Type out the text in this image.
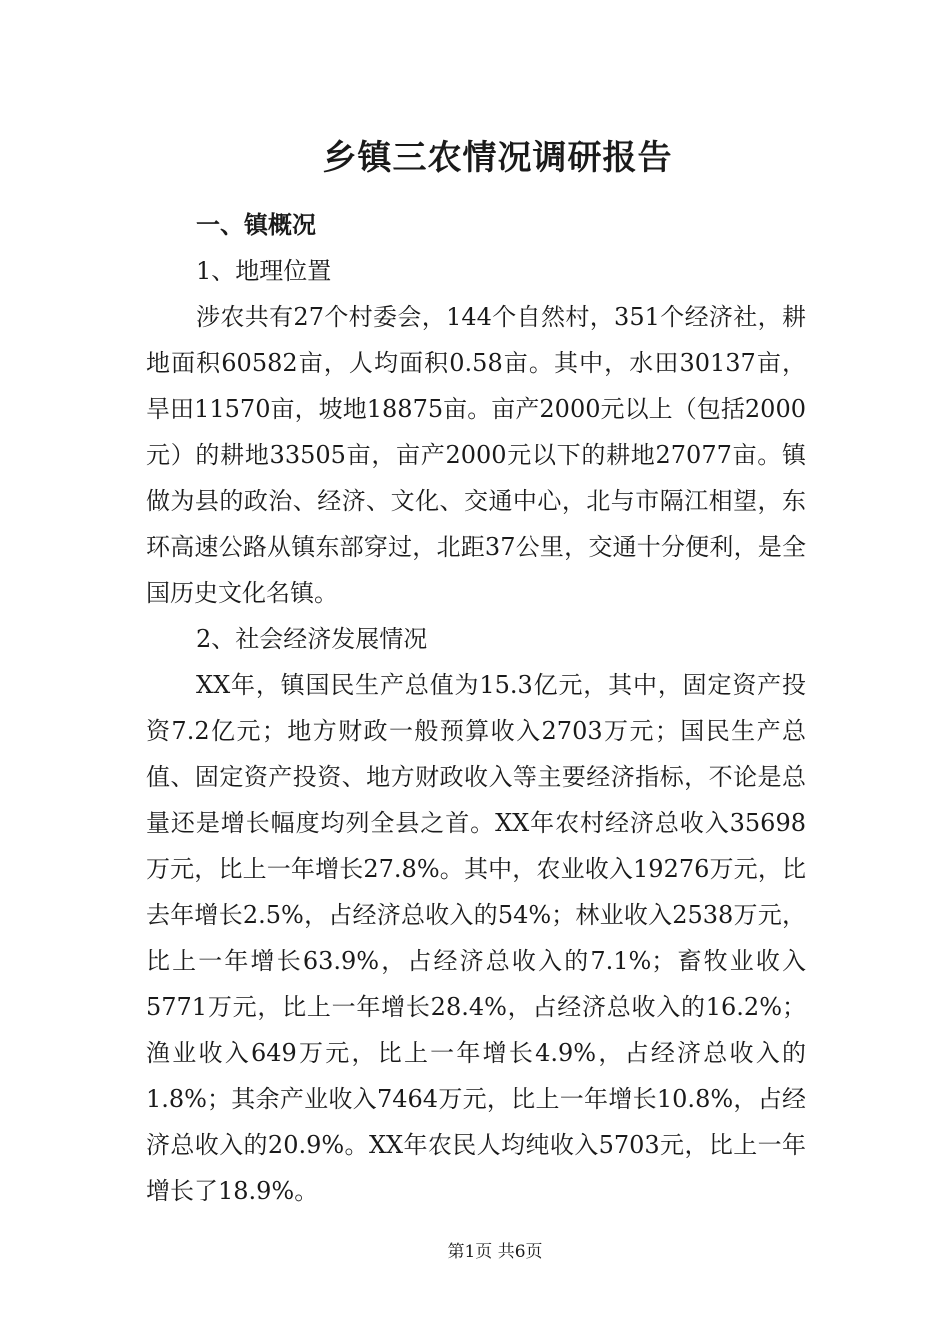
乡镇三农情况调研报告

一、镇概况

1、地理位置

涉农共有27个村委会，144个自然村，351个经济社，耕地面积60582亩，人均面积0.58亩。其中，水田30137亩，旱田11570亩，坡地18875亩。亩产2000元以上（包括2000元）的耕地33505亩，亩产2000元以下的耕地27077亩。镇做为县的政治、经济、文化、交通中心，北与市隔江相望，东环高速公路从镇东部穿过，北距37公里，交通十分便利，是全国历史文化名镇。

2、社会经济发展情况

XX年，镇国民生产总值为15.3亿元，其中，固定资产投资7.2亿元；地方财政一般预算收入2703万元；国民生产总值、固定资产投资、地方财政收入等主要经济指标，不论是总量还是增长幅度均列全县之首。XX年农村经济总收入35698万元，比上一年增长27.8%。其中，农业收入19276万元，比去年增长2.5%，占经济总收入的54%；林业收入2538万元，比上一年增长63.9%，占经济总收入的7.1%；畜牧业收入5771万元，比上一年增长28.4%，占经济总收入的16.2%；渔业收入649万元，比上一年增长4.9%，占经济总收入的1.8%；其余产业收入7464万元，比上一年增长10.8%，占经济总收入的20.9%。XX年农民人均纯收入5703元，比上一年增长了18.9%。

第1页 共6页
